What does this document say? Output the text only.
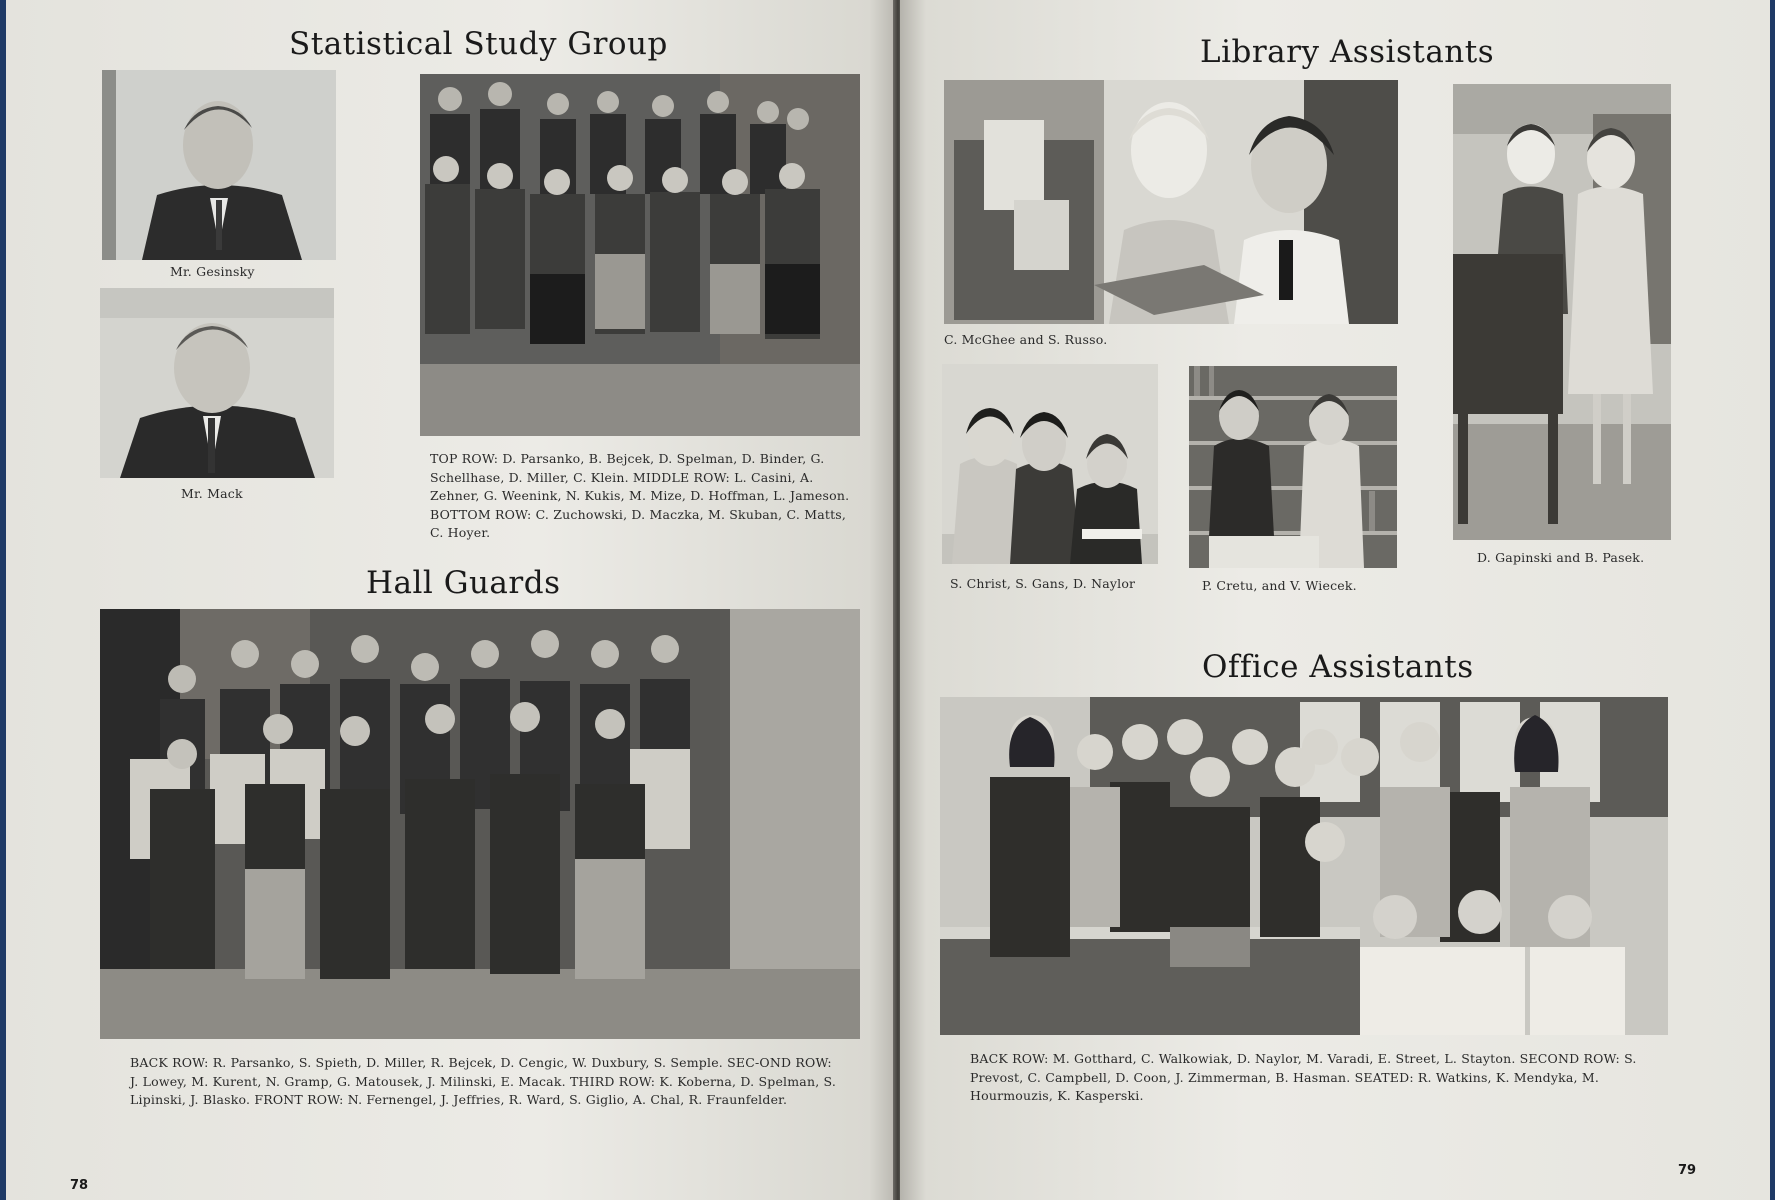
Statistical Study Group
Mr. Gesinsky
Mr. Mack
TOP ROW: D. Parsanko, B. Bejcek, D. Spelman, D. Binder, G. Schellhase, D. Miller, C. Klein. MIDDLE ROW: L. Casini, A. Zehner, G. Weenink, N. Kukis, M. Mize, D. Hoffman, L. Jameson. BOTTOM ROW: C. Zuchowski, D. Maczka, M. Skuban, C. Matts, C. Hoyer.
Hall Guards
BACK ROW: R. Parsanko, S. Spieth, D. Miller, R. Bejcek, D. Cengic, W. Duxbury, S. Semple. SEC-OND ROW: J. Lowey, M. Kurent, N. Gramp, G. Matousek, J. Milinski, E. Macak. THIRD ROW: K. Koberna, D. Spelman, S. Lipinski, J. Blasko. FRONT ROW: N. Fernengel, J. Jeffries, R. Ward, S. Giglio, A. Chal, R. Fraunfelder.
78
Library Assistants
C. McGhee and S. Russo.
D. Gapinski and B. Pasek.
S. Christ, S. Gans, D. Naylor	P. Cretu, and V. Wiecek.
Office Assistants
BACK ROW: M. Gotthard, C. Walkowiak, D. Naylor, M. Varadi, E. Street, L. Stayton. SECOND ROW: S. Prevost, C. Campbell, D. Coon, J. Zimmerman, B. Hasman. SEATED: R. Watkins, K. Mendyka, M. Hourmouzis, K. Kasperski.
79
